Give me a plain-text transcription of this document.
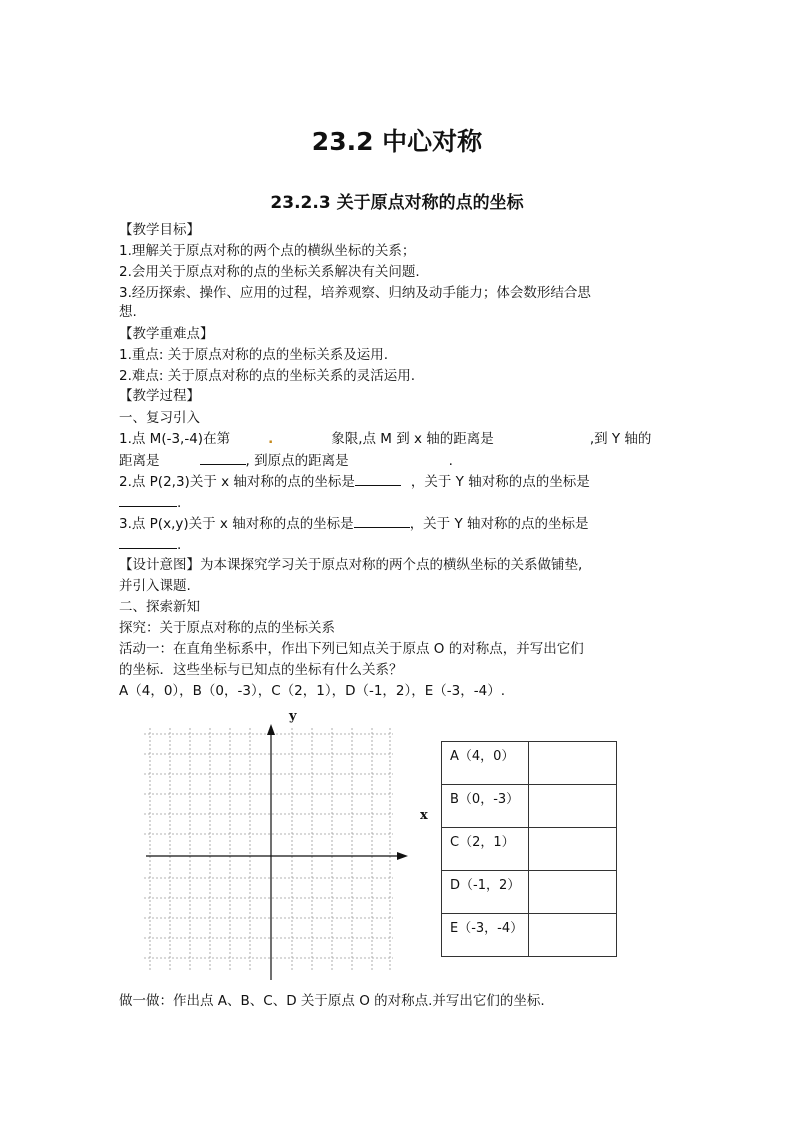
23.2 中心对称
23.2.3 关于原点对称的点的坐标
【教学目标】
1.理解关于原点对称的两个点的横纵坐标的关系；
2.会用关于原点对称的点的坐标关系解决有关问题.
3.经历探索、操作、应用的过程，培养观察、归纳及动手能力；体会数形结合思
想.
【教学重难点】
1.重点: 关于原点对称的点的坐标关系及运用.
2.难点: 关于原点对称的点的坐标关系的灵活运用.
【教学过程】
一、复习引入
1.点 M(-3,-4)在第	.	象限,点 M 到 x 轴的距离是	,到 Y 轴的
距离是	, 到原点的距离是	.
2.点 P(2,3)关于 x 轴对称的点的坐标是	，关于 Y 轴对称的点的坐标是
.
3.点 P(x,y)关于 x 轴对称的点的坐标是	，关于 Y 轴对称的点的坐标是
.
【设计意图】为本课探究学习关于原点对称的两个点的横纵坐标的关系做铺垫,
并引入课题.
二、探索新知
探究：关于原点对称的点的坐标关系
活动一：在直角坐标系中，作出下列已知点关于原点 O 的对称点，并写出它们
的坐标．这些坐标与已知点的坐标有什么关系？
A（4，0），B（0，-3），C（2，1），D（-1，2），E（-3，-4）.
y
x
A（4，0）	
B（0，-3）	
C（2，1）	
D（-1，2）	
E（-3，-4）	
做一做：作出点 A、B、C、D 关于原点 O 的对称点.并写出它们的坐标.
